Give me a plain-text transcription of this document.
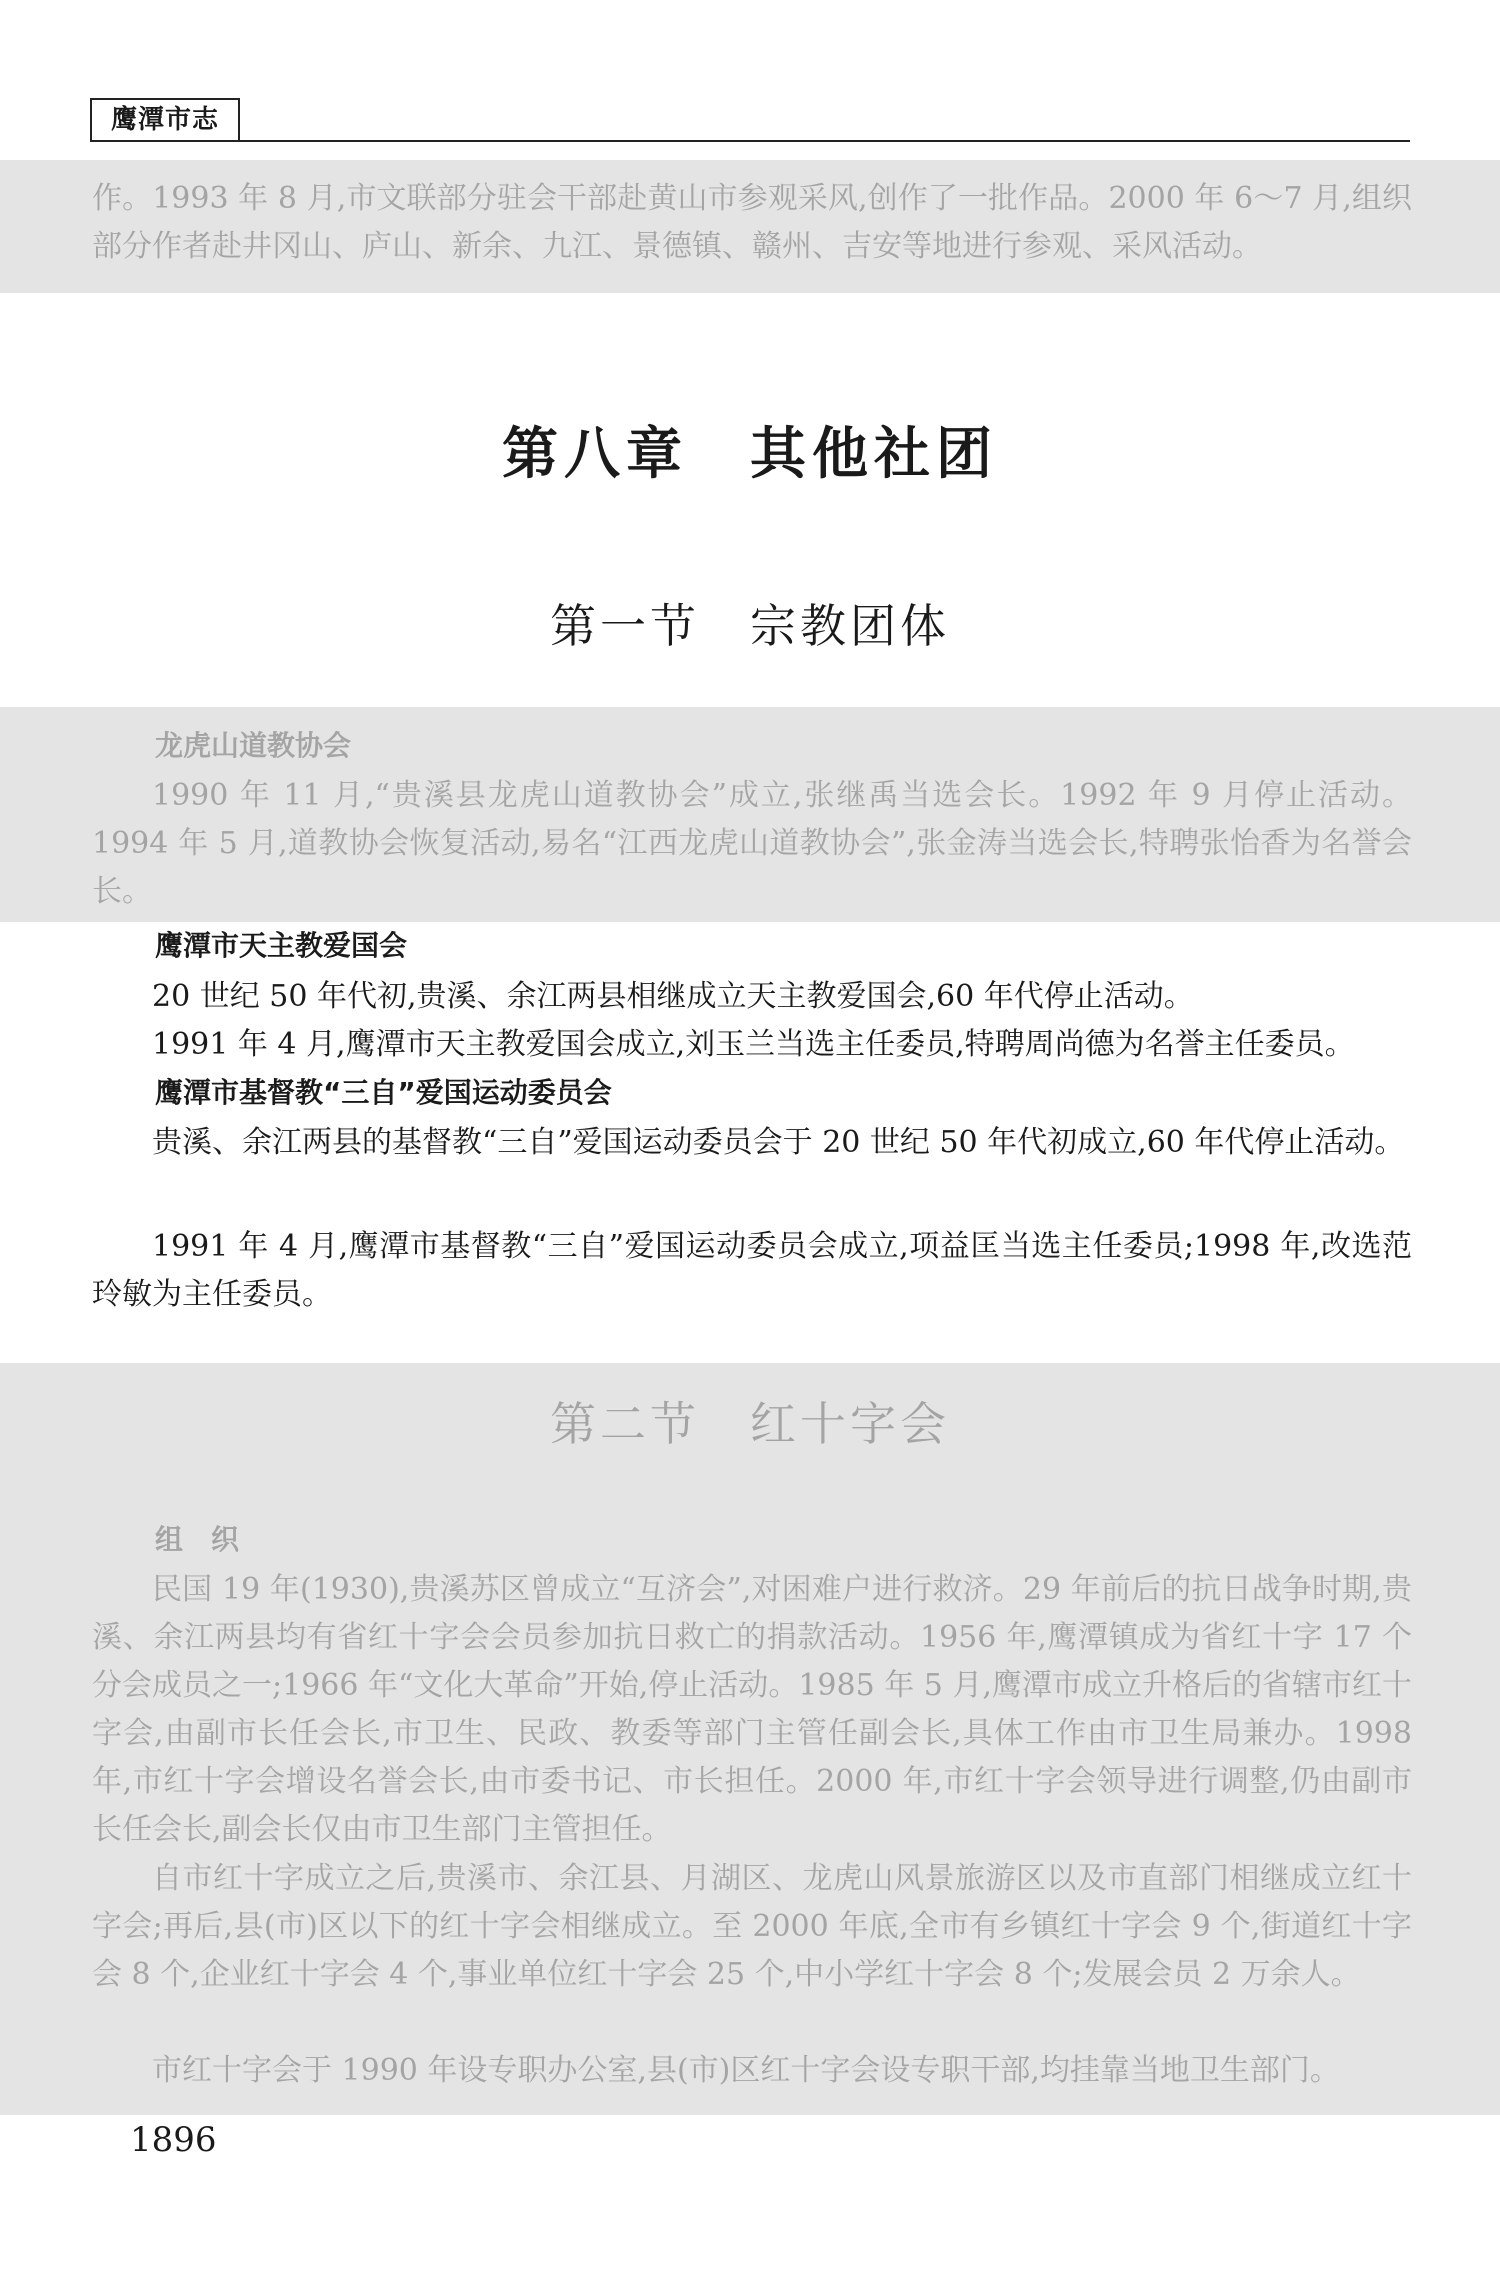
鹰潭市志
作。1993 年 8 月,市文联部分驻会干部赴黄山市参观采风,创作了一批作品。2000 年 6～7 月,组织部分作者赴井冈山、庐山、新余、九江、景德镇、赣州、吉安等地进行参观、采风活动。
第八章　其他社团
第一节　宗教团体
龙虎山道教协会
1990 年 11 月,“贵溪县龙虎山道教协会”成立,张继禹当选会长。1992 年 9 月停止活动。1994 年 5 月,道教协会恢复活动,易名“江西龙虎山道教协会”,张金涛当选会长,特聘张怡香为名誉会长。
鹰潭市天主教爱国会
20 世纪 50 年代初,贵溪、余江两县相继成立天主教爱国会,60 年代停止活动。
1991 年 4 月,鹰潭市天主教爱国会成立,刘玉兰当选主任委员,特聘周尚德为名誉主任委员。
鹰潭市基督教“三自”爱国运动委员会
贵溪、余江两县的基督教“三自”爱国运动委员会于 20 世纪 50 年代初成立,60 年代停止活动。
1991 年 4 月,鹰潭市基督教“三自”爱国运动委员会成立,项益匡当选主任委员;1998 年,改选范玲敏为主任委员。
第二节　红十字会
组　织
民国 19 年(1930),贵溪苏区曾成立“互济会”,对困难户进行救济。29 年前后的抗日战争时期,贵溪、余江两县均有省红十字会会员参加抗日救亡的捐款活动。1956 年,鹰潭镇成为省红十字 17 个分会成员之一;1966 年“文化大革命”开始,停止活动。1985 年 5 月,鹰潭市成立升格后的省辖市红十字会,由副市长任会长,市卫生、民政、教委等部门主管任副会长,具体工作由市卫生局兼办。1998 年,市红十字会增设名誉会长,由市委书记、市长担任。2000 年,市红十字会领导进行调整,仍由副市长任会长,副会长仅由市卫生部门主管担任。
自市红十字成立之后,贵溪市、余江县、月湖区、龙虎山风景旅游区以及市直部门相继成立红十字会;再后,县(市)区以下的红十字会相继成立。至 2000 年底,全市有乡镇红十字会 9 个,街道红十字会 8 个,企业红十字会 4 个,事业单位红十字会 25 个,中小学红十字会 8 个;发展会员 2 万余人。
市红十字会于 1990 年设专职办公室,县(市)区红十字会设专职干部,均挂靠当地卫生部门。
1896
